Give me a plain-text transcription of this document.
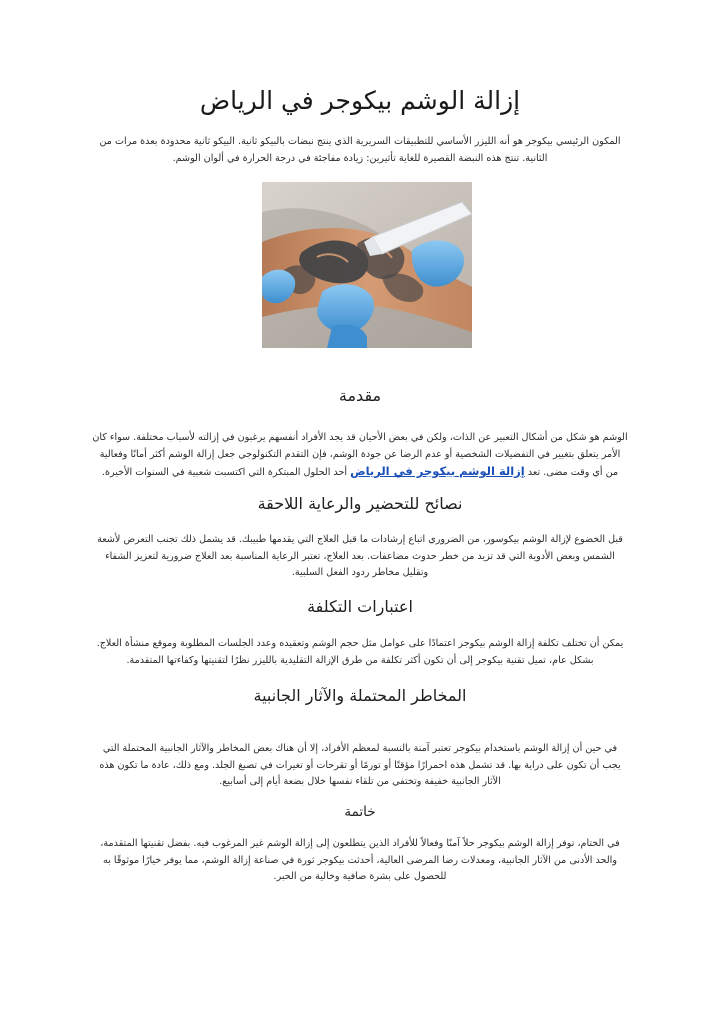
إزالة الوشم بيكوجر في الرياض

المكون الرئيسي بيكوجر هو أنه الليزر الأساسي للتطبيقات السريرية الذي ينتج نبضات بالبيكو ثانية. البيكو ثانية محدودة بعدة مرات من الثانية. تنتج هذه النبضة القصيرة للغاية تأثيرين: زيادة مفاجئة في درجة الحرارة في ألوان الوشم.

مقدمة

الوشم هو شكل من أشكال التعبير عن الذات، ولكن في بعض الأحيان قد يجد الأفراد أنفسهم يرغبون في إزالته لأسباب مختلفة. سواء كان الأمر يتعلق بتغيير في التفضيلات الشخصية أو عدم الرضا عن جودة الوشم، فإن التقدم التكنولوجي جعل إزالة الوشم أكثر أمانًا وفعالية من أي وقت مضى. تعد إزالة الوشم بيكوجر في الرياض أحد الحلول المبتكرة التي اكتسبت شعبية في السنوات الأخيرة.

نصائح للتحضير والرعاية اللاحقة

قبل الخضوع لإزالة الوشم بيكوسور، من الضروري اتباع إرشادات ما قبل العلاج التي يقدمها طبيبك. قد يشمل ذلك تجنب التعرض لأشعة الشمس وبعض الأدوية التي قد تزيد من خطر حدوث مضاعفات. بعد العلاج، تعتبر الرعاية المناسبة بعد العلاج ضرورية لتعزيز الشفاء وتقليل مخاطر ردود الفعل السلبية.

اعتبارات التكلفة

يمكن أن تختلف تكلفة إزالة الوشم بيكوجر اعتمادًا على عوامل مثل حجم الوشم وتعقيده وعدد الجلسات المطلوبة وموقع منشأة العلاج. بشكل عام، تميل تقنية بيكوجر إلى أن تكون أكثر تكلفة من طرق الإزالة التقليدية بالليزر نظرًا لتقنيتها وكفاءتها المتقدمة.

المخاطر المحتملة والآثار الجانبية

في حين أن إزالة الوشم باستخدام بيكوجر تعتبر آمنة بالنسبة لمعظم الأفراد، إلا أن هناك بعض المخاطر والآثار الجانبية المحتملة التي يجب أن تكون على دراية بها. قد تشمل هذه احمرارًا مؤقتًا أو تورمًا أو تقرحات أو تغيرات في تصبغ الجلد. ومع ذلك، عادة ما تكون هذه الآثار الجانبية خفيفة وتختفي من تلقاء نفسها خلال بضعة أيام إلى أسابيع.

خاتمة

في الختام، توفر إزالة الوشم بيكوجر حلاً آمنًا وفعالاً للأفراد الذين يتطلعون إلى إزالة الوشم غير المرغوب فيه. بفضل تقنيتها المتقدمة، والحد الأدنى من الآثار الجانبية، ومعدلات رضا المرضى العالية، أحدثت بيكوجر ثورة في صناعة إزالة الوشم، مما يوفر خيارًا موثوقًا به للحصول على بشرة صافية وخالية من الحبر.
